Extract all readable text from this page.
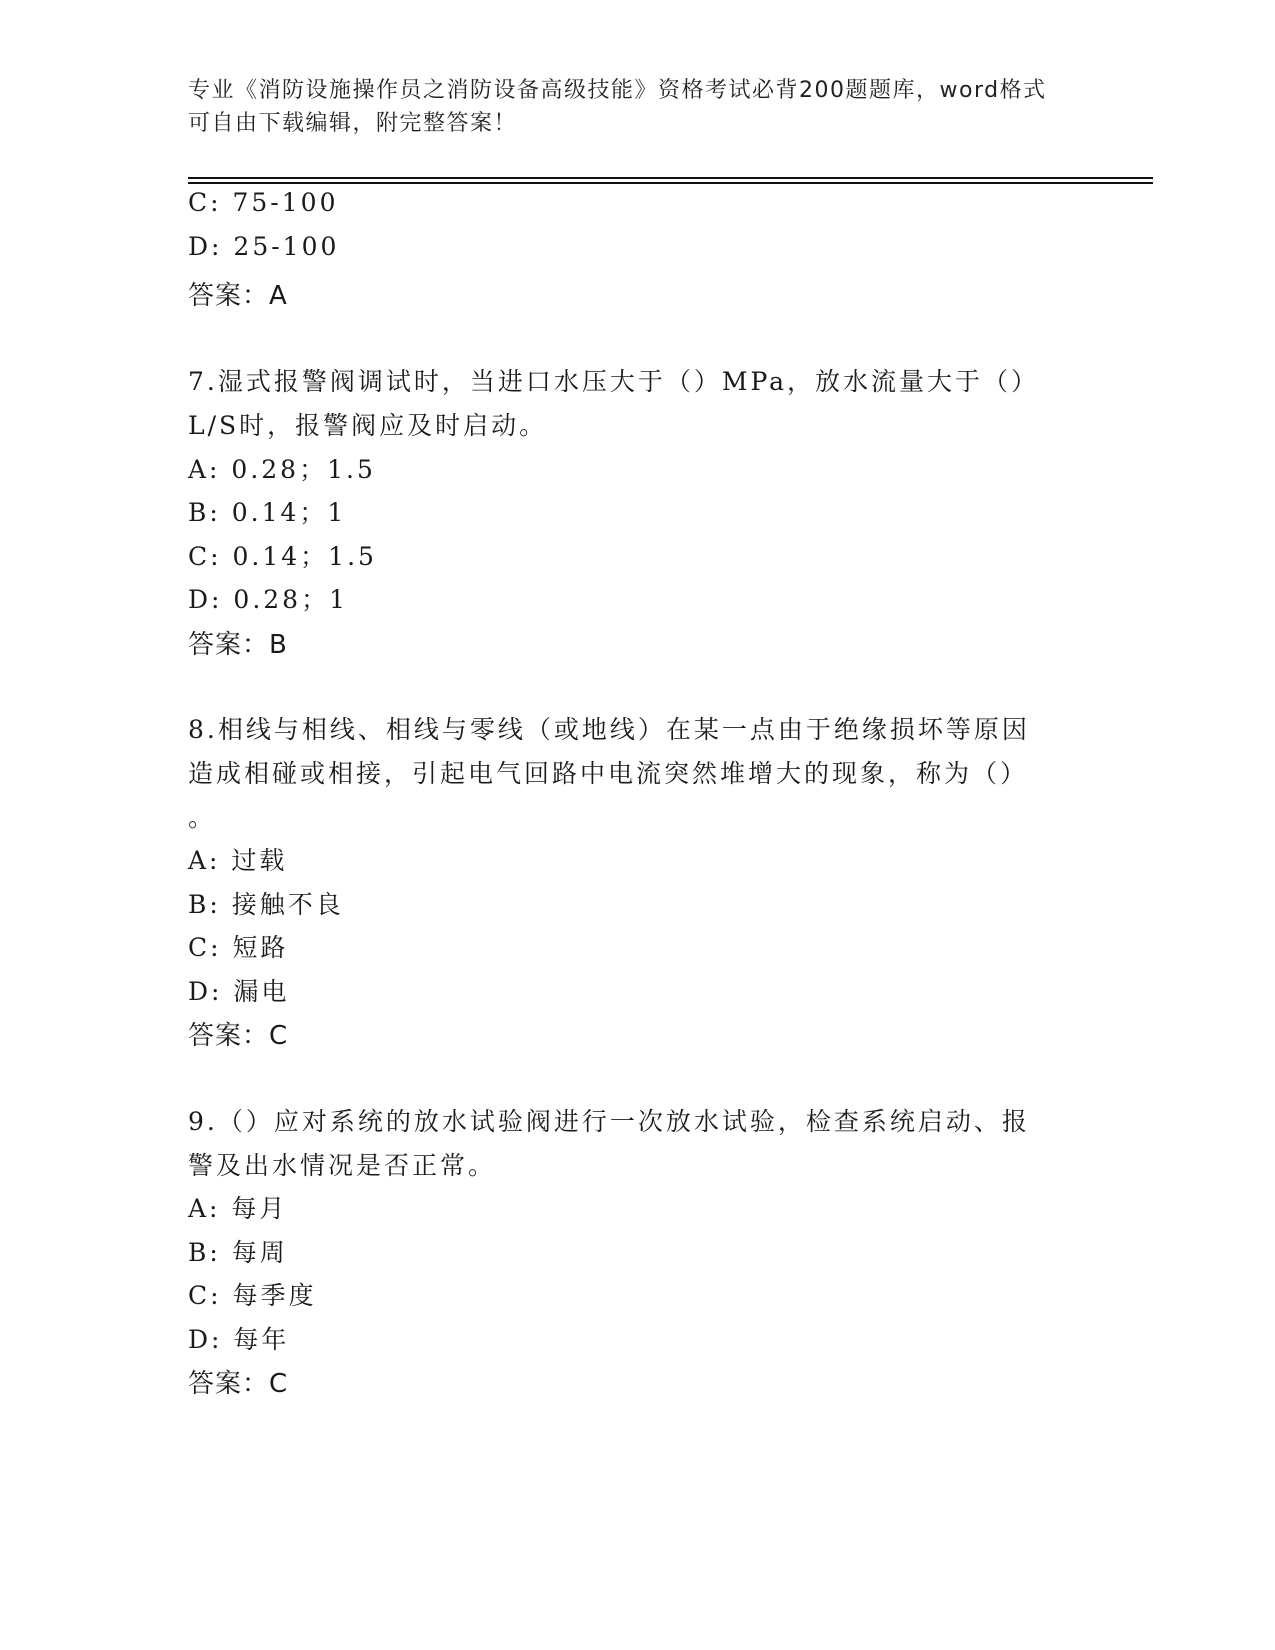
专业《消防设施操作员之消防设备高级技能》资格考试必背200题题库，word格式可自由下载编辑，附完整答案！
C: 75-100
D: 25-100
答案：A
7.湿式报警阀调试时，当进口水压大于（）MPa，放水流量大于（）
L/S时，报警阀应及时启动。
A: 0.28；1.5
B: 0.14；1
C: 0.14；1.5
D: 0.28；1
答案：B
8.相线与相线、相线与零线（或地线）在某一点由于绝缘损坏等原因
造成相碰或相接，引起电气回路中电流突然堆增大的现象，称为（）
。
A: 过载
B: 接触不良
C: 短路
D: 漏电
答案：C
9.（）应对系统的放水试验阀进行一次放水试验，检查系统启动、报
警及出水情况是否正常。
A: 每月
B: 每周
C: 每季度
D: 每年
答案：C
